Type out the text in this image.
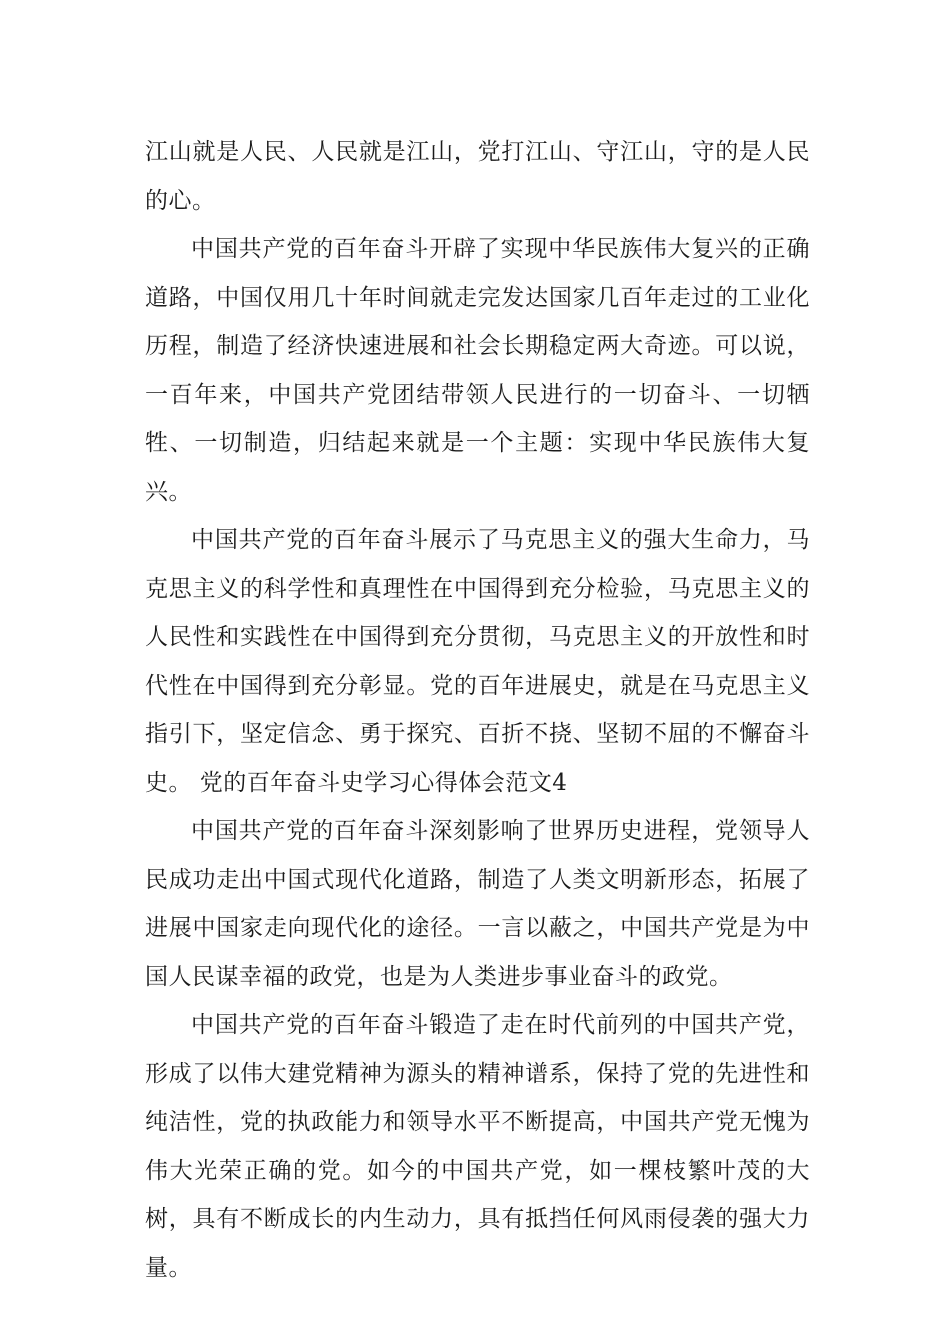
江山就是人民、人民就是江山，党打江山、守江山，守的是人民的心。

中国共产党的百年奋斗开辟了实现中华民族伟大复兴的正确道路，中国仅用几十年时间就走完发达国家几百年走过的工业化历程，制造了经济快速进展和社会长期稳定两大奇迹。可以说，一百年来，中国共产党团结带领人民进行的一切奋斗、一切牺牲、一切制造，归结起来就是一个主题：实现中华民族伟大复兴。

中国共产党的百年奋斗展示了马克思主义的强大生命力，马克思主义的科学性和真理性在中国得到充分检验，马克思主义的人民性和实践性在中国得到充分贯彻，马克思主义的开放性和时代性在中国得到充分彰显。党的百年进展史，就是在马克思主义指引下，坚定信念、勇于探究、百折不挠、坚韧不屈的不懈奋斗史。 党的百年奋斗史学习心得体会范文4

中国共产党的百年奋斗深刻影响了世界历史进程，党领导人民成功走出中国式现代化道路，制造了人类文明新形态，拓展了进展中国家走向现代化的途径。一言以蔽之，中国共产党是为中国人民谋幸福的政党，也是为人类进步事业奋斗的政党。

中国共产党的百年奋斗锻造了走在时代前列的中国共产党，形成了以伟大建党精神为源头的精神谱系，保持了党的先进性和纯洁性，党的执政能力和领导水平不断提高，中国共产党无愧为伟大光荣正确的党。如今的中国共产党，如一棵枝繁叶茂的大树，具有不断成长的内生动力，具有抵挡任何风雨侵袭的强大力量。
